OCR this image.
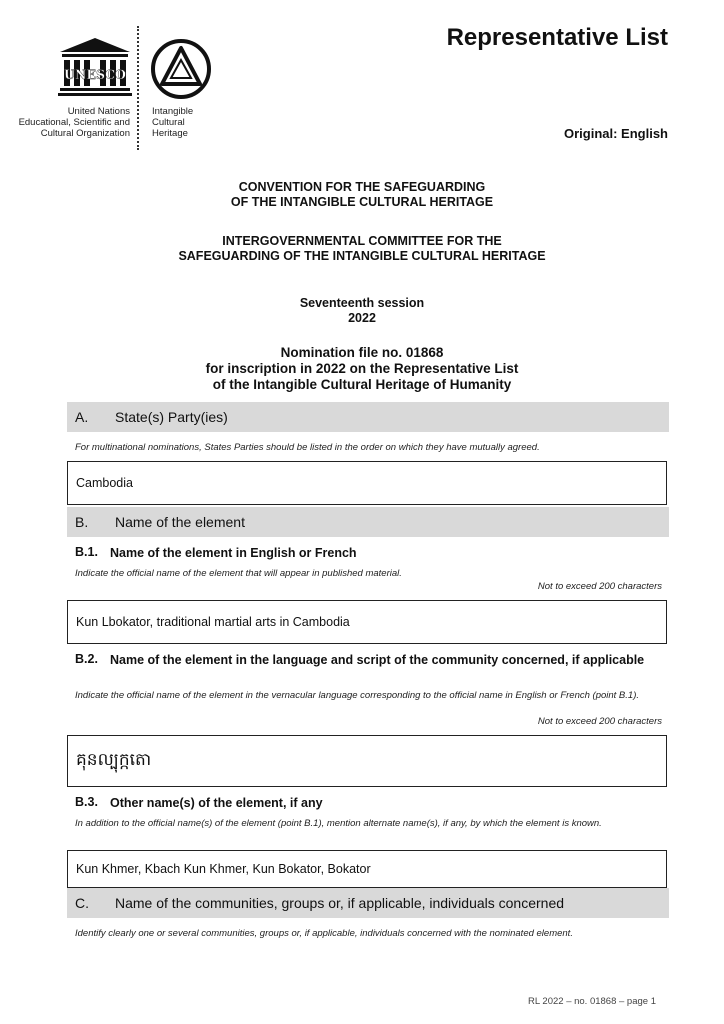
UNESCO
United Nations
Educational, Scientific and
Cultural Organization
Intangible
Cultural
Heritage
Representative List
Original: English
CONVENTION FOR THE SAFEGUARDING
OF THE INTANGIBLE CULTURAL HERITAGE
INTERGOVERNMENTAL COMMITTEE FOR THE
SAFEGUARDING OF THE INTANGIBLE CULTURAL HERITAGE
Seventeenth session
2022
Nomination file no. 01868
for inscription in 2022 on the Representative List
of the Intangible Cultural Heritage of Humanity
A.	State(s) Party(ies)
For multinational nominations, States Parties should be listed in the order on which they have mutually agreed.
Cambodia
B.	Name of the element
B.1. Name of the element in English or French
Indicate the official name of the element that will appear in published material.
Not to exceed 200 characters
Kun Lbokator, traditional martial arts in Cambodia
B.2. Name of the element in the language and script of the community concerned, if applicable
Indicate the official name of the element in the vernacular language corresponding to the official name in English or French (point B.1).
Not to exceed 200 characters
គុនល្បុក្កតោ
B.3. Other name(s) of the element, if any
In addition to the official name(s) of the element (point B.1), mention alternate name(s), if any, by which the element is known.
Kun Khmer, Kbach Kun Khmer, Kun Bokator, Bokator
C.	Name of the communities, groups or, if applicable, individuals concerned
Identify clearly one or several communities, groups or, if applicable, individuals concerned with the nominated element.
RL 2022 – no. 01868 – page 1
